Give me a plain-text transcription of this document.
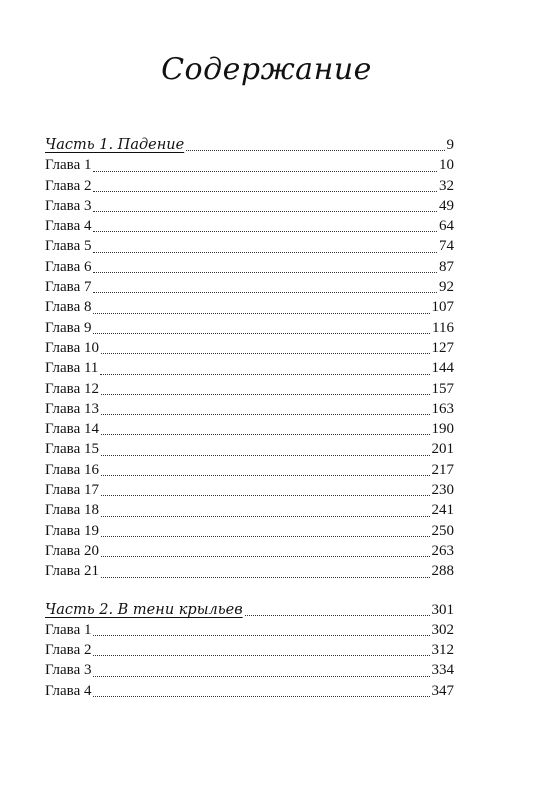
Содержание
Часть 1. Падение	9
Глава 1	10
Глава 2	32
Глава 3	49
Глава 4	64
Глава 5	74
Глава 6	87
Глава 7	92
Глава 8	107
Глава 9	116
Глава 10	127
Глава 11	144
Глава 12	157
Глава 13	163
Глава 14	190
Глава 15	201
Глава 16	217
Глава 17	230
Глава 18	241
Глава 19	250
Глава 20	263
Глава 21	288
Часть 2. В тени крыльев	301
Глава 1	302
Глава 2	312
Глава 3	334
Глава 4	347
